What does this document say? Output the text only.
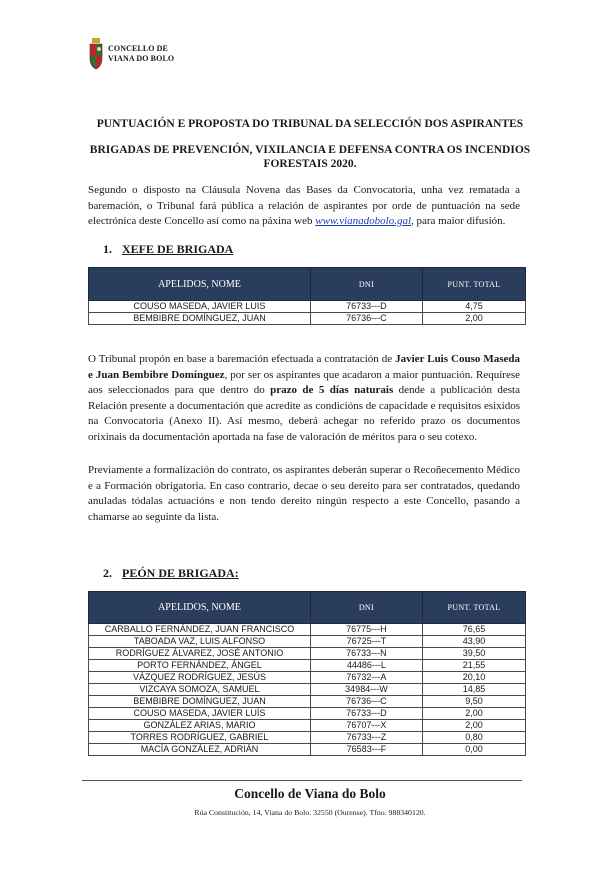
CONCELLO DE
VIANA DO BOLO
PUNTUACIÓN E PROPOSTA DO TRIBUNAL DA SELECCIÓN DOS ASPIRANTES
BRIGADAS DE PREVENCIÓN, VIXILANCIA E DEFENSA CONTRA OS INCENDIOS
FORESTAIS 2020.

Segundo o disposto na Cláusula Novena das Bases da Convocatoria, unha vez rematada a baremación, o Tribunal fará pública a relación de aspirantes por orde de puntuación na sede electrónica deste Concello así como na páxina web www.vianadobolo.gal, para maior difusión.

1. XEFE DE BRIGADA
APELIDOS, NOME	DNI	PUNT. TOTAL
COUSO MASEDA, JAVIER LUIS	76733---D	4,75
BEMBIBRE DOMÍNGUEZ, JUAN	76736---C	2,00

O Tribunal propón en base a baremación efectuada a contratación de Javier Luis Couso Maseda e Juan Bembibre Domínguez, por ser os aspirantes que acadaron a maior puntuación. Requírese aos seleccionados para que dentro do prazo de 5 días naturais dende a publicación desta Relación presente a documentación que acredite as condicións de capacidade e requisitos esixidos na Convocatoria (Anexo II). Así mesmo, deberá achegar no referido prazo os documentos orixinais da documentación aportada na fase de valoración de méritos para o seu cotexo.

Previamente a formalización do contrato, os aspirantes deberán superar o Recoñecemento Médico e a Formación obrigatoria. En caso contrario, decae o seu dereito para ser contratados, quedando anuladas tódalas actuacións e non tendo dereito ningún respecto a este Concello, pasando a chamarse ao seguinte da lista.

2. PEÓN DE BRIGADA:
APELIDOS, NOME	DNI	PUNT. TOTAL
CARBALLO FERNÁNDEZ, JUAN FRANCISCO	76775---H	76,65
TABOADA VAZ, LUIS ALFONSO	76725---T	43,90
RODRÍGUEZ ÁLVAREZ, JOSÉ ANTONIO	76733---N	39,50
PORTO FERNÁNDEZ, ÁNGEL	44486---L	21,55
VÁZQUEZ RODRÍGUEZ, JESÚS	76732---A	20,10
VIZCAYA SOMOZA, SAMUEL	34984---W	14,85
BEMBIBRE DOMÍNGUEZ, JUAN	76736---C	9,50
COUSO MASEDA, JAVIER LUÍS	76733---D	2,00
GONZÁLEZ ARIAS, MARIO	76707---X	2,00
TORRES RODRÍGUEZ, GABRIEL	76733---Z	0,80
MACÍA GONZÁLEZ, ADRIÁN	76583---F	0,00
Concello de Viana do Bolo
Rúa Constitución, 14, Viana do Bolo. 32550 (Ourense). Tfno. 988340120.
